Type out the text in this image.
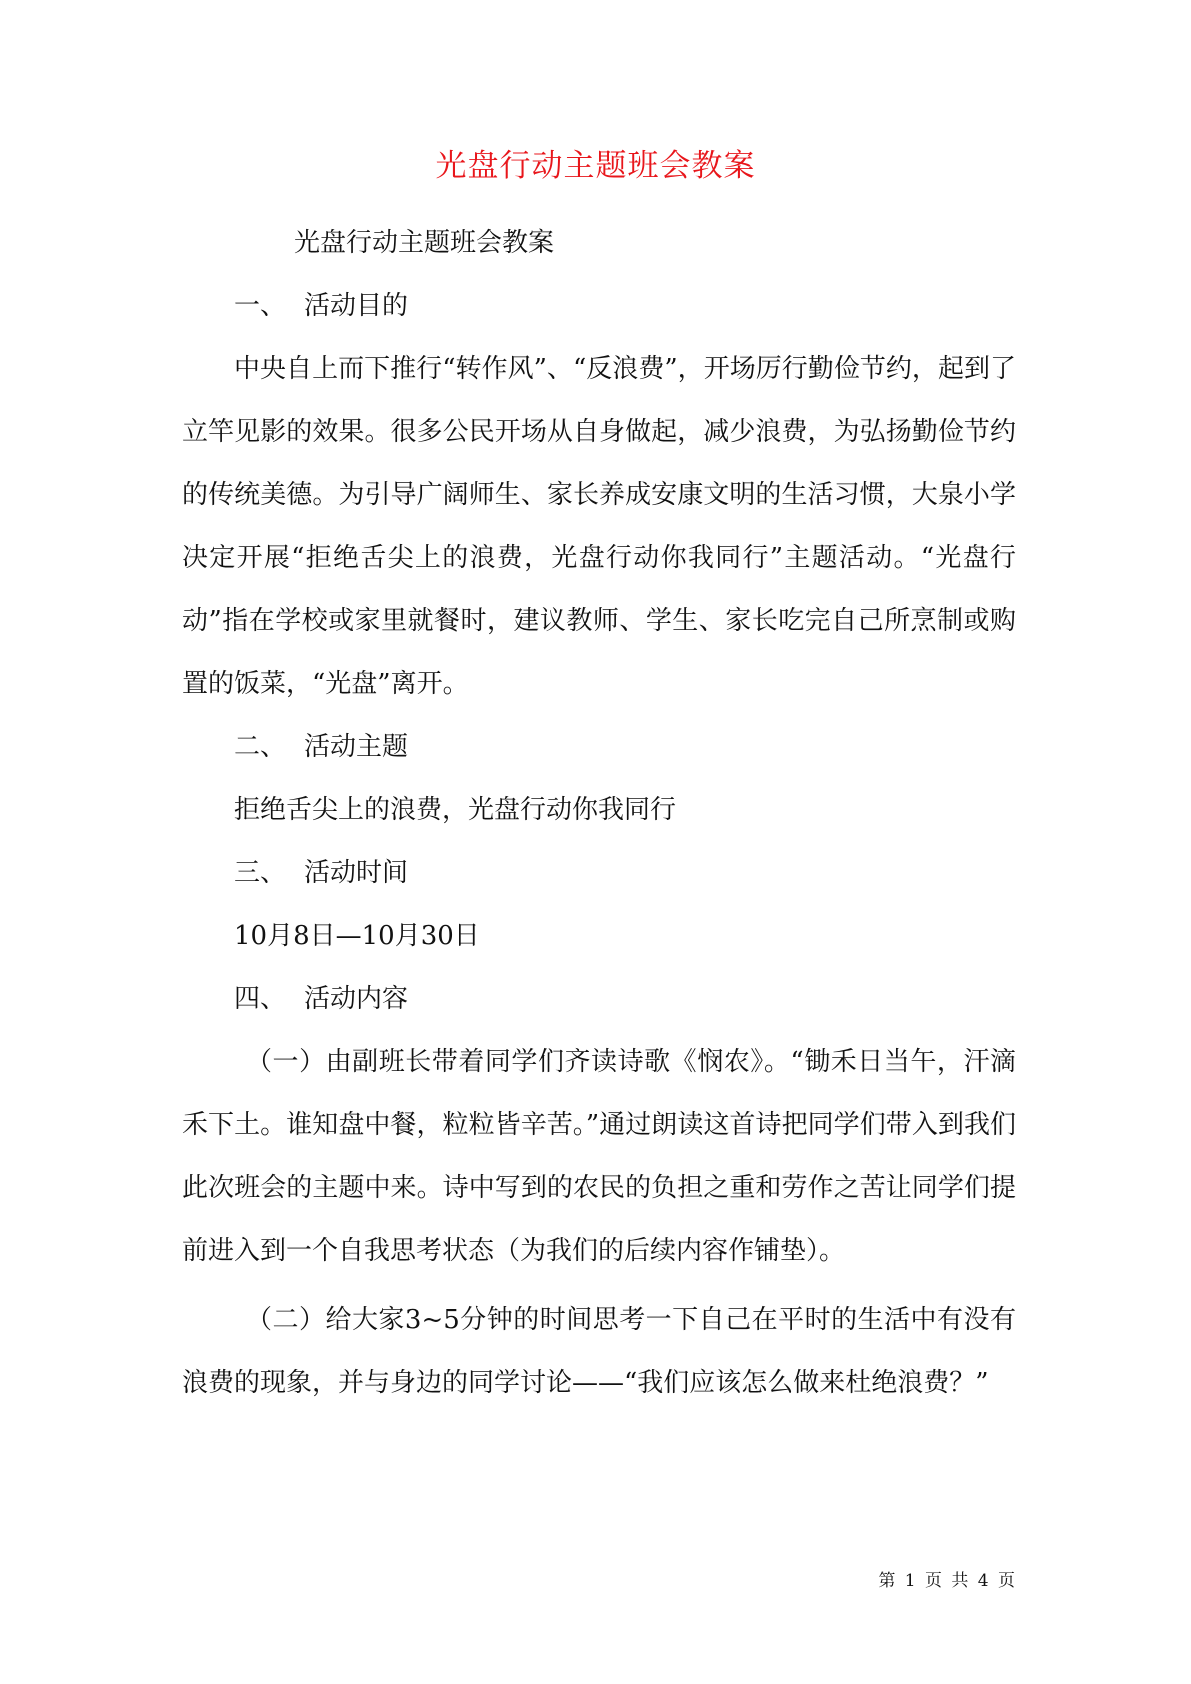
光盘行动主题班会教案

光盘行动主题班会教案

一、 活动目的

中央自上而下推行“转作风”、“反浪费”，开场厉行勤俭节约，起到了立竿见影的效果。很多公民开场从自身做起，减少浪费，为弘扬勤俭节约的传统美德。为引导广阔师生、家长养成安康文明的生活习惯，大泉小学决定开展“拒绝舌尖上的浪费，光盘行动你我同行”主题活动。“光盘行动”指在学校或家里就餐时，建议教师、学生、家长吃完自己所烹制或购置的饭菜，“光盘”离开。

二、 活动主题

拒绝舌尖上的浪费，光盘行动你我同行

三、 活动时间

10月8日—10月30日

四、 活动内容

（一）由副班长带着同学们齐读诗歌《悯农》。“锄禾日当午，汗滴禾下土。谁知盘中餐，粒粒皆辛苦。”通过朗读这首诗把同学们带入到我们此次班会的主题中来。诗中写到的农民的负担之重和劳作之苦让同学们提前进入到一个自我思考状态（为我们的后续内容作铺垫）。

（二）给大家3~5分钟的时间思考一下自己在平时的生活中有没有浪费的现象，并与身边的同学讨论——“我们应该怎么做来杜绝浪费？”

第 1 页 共 4 页
